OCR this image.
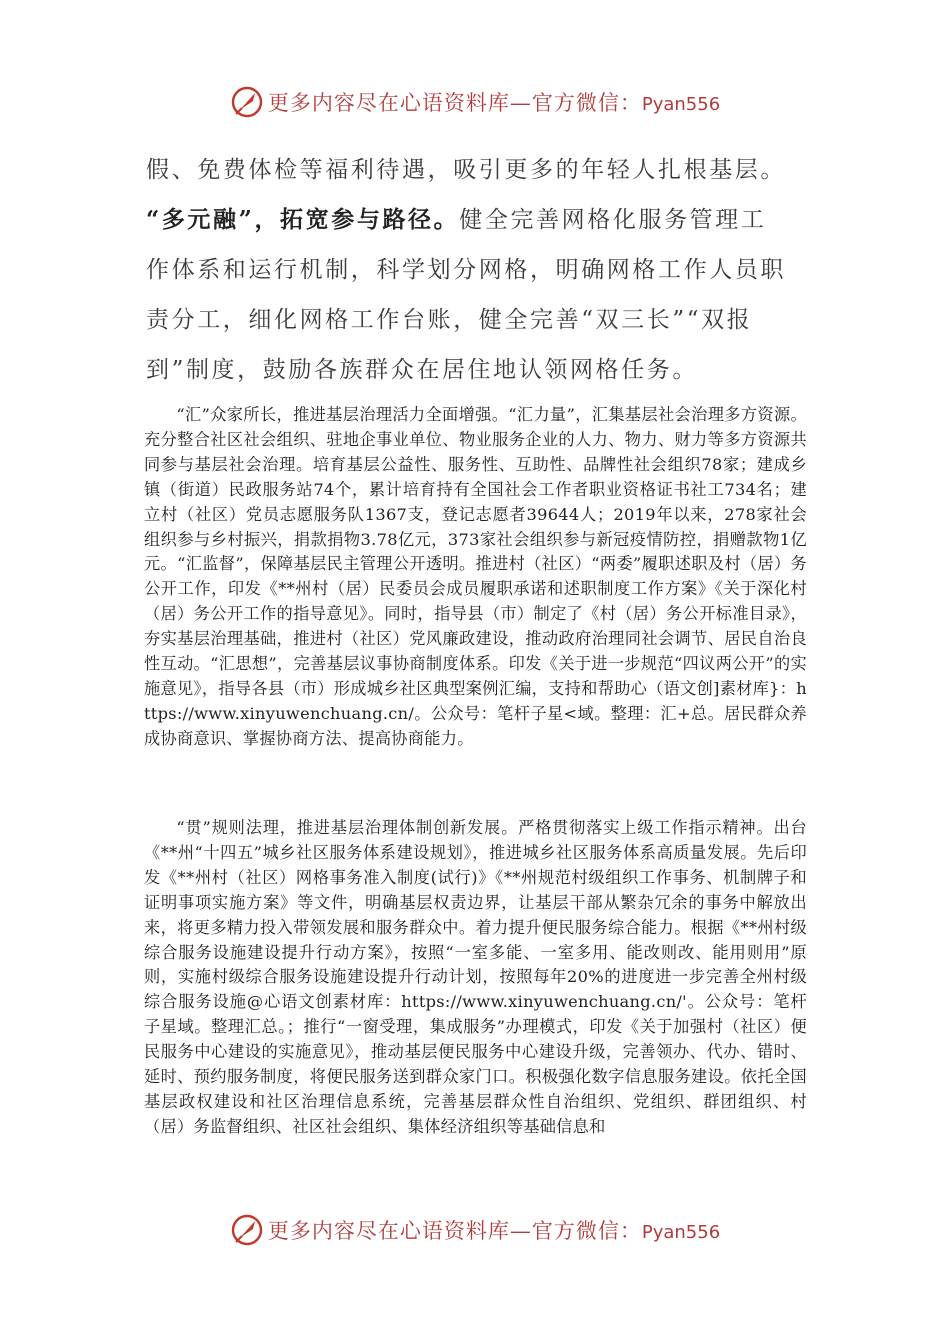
更多内容尽在心语资料库—官方微信：Pyan556
假、免费体检等福利待遇，吸引更多的年轻人扎根基层。
“多元融”，拓宽参与路径。健全完善网格化服务管理工
作体系和运行机制，科学划分网格，明确网格工作人员职
责分工，细化网格工作台账，健全完善“双三长”“双报
到”制度，鼓励各族群众在居住地认领网格任务。

“汇”众家所长，推进基层治理活力全面增强。“汇力量”，汇集基层社会治理多方资源。充分整合社区社会组织、驻地企事业单位、物业服务企业的人力、物力、财力等多方资源共同参与基层社会治理。培育基层公益性、服务性、互助性、品牌性社会组织78家；建成乡镇（街道）民政服务站74个，累计培育持有全国社会工作者职业资格证书社工734名；建立村（社区）党员志愿服务队1367支，登记志愿者39644人；2019年以来，278家社会组织参与乡村振兴，捐款捐物3.78亿元，373家社会组织参与新冠疫情防控，捐赠款物1亿元。“汇监督”，保障基层民主管理公开透明。推进村（社区）“两委”履职述职及村（居）务公开工作，印发《**州村（居）民委员会成员履职承诺和述职制度工作方案》《关于深化村（居）务公开工作的指导意见》。同时，指导县（市）制定了《村（居）务公开标准目录》，夯实基层治理基础，推进村（社区）党风廉政建设，推动政府治理同社会调节、居民自治良性互动。“汇思想”，完善基层议事协商制度体系。印发《关于进一步规范“四议两公开”的实施意见》，指导各县（市）形成城乡社区典型案例汇编，支持和帮助心（语文创]素材库}：https://www.xinyuwenchuang.cn/。公众号：笔杆子星<域。整理：汇+总。居民群众养成协商意识、掌握协商方法、提高协商能力。

“贯”规则法理，推进基层治理体制创新发展。严格贯彻落实上级工作指示精神。出台《**州“十四五”城乡社区服务体系建设规划》，推进城乡社区服务体系高质量发展。先后印发《**州村（社区）网格事务准入制度(试行)》《**州规范村级组织工作事务、机制牌子和证明事项实施方案》等文件，明确基层权责边界，让基层干部从繁杂冗余的事务中解放出来，将更多精力投入带领发展和服务群众中。着力提升便民服务综合能力。根据《**州村级综合服务设施建设提升行动方案》，按照“一室多能、一室多用、能改则改、能用则用”原则，实施村级综合服务设施建设提升行动计划，按照每年20%的进度进一步完善全州村级综合服务设施@心语文创素材库：https://www.xinyuwenchuang.cn/'。公众号：笔杆子星域。整理汇总。；推行“一窗受理，集成服务”办理模式，印发《关于加强村（社区）便民服务中心建设的实施意见》，推动基层便民服务中心建设升级，完善领办、代办、错时、延时、预约服务制度，将便民服务送到群众家门口。积极强化数字信息服务建设。依托全国基层政权建设和社区治理信息系统，完善基层群众性自治组织、党组织、群团组织、村（居）务监督组织、社区社会组织、集体经济组织等基础信息和

更多内容尽在心语资料库—官方微信：Pyan556
